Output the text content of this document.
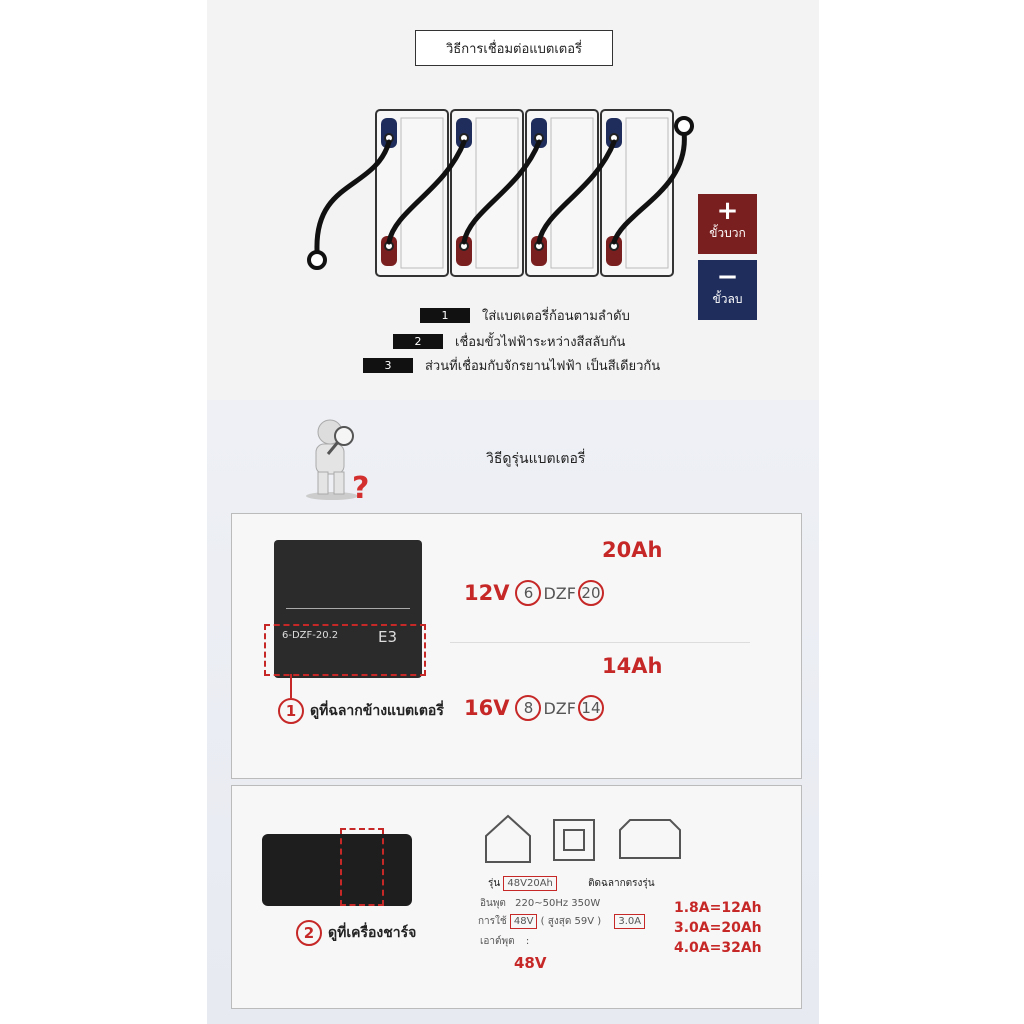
วิธีการเชื่อมต่อแบตเตอรี่
+
ขั้วบวก
−
ขั้วลบ
1	ใส่แบตเตอรี่ก้อนตามลำดับ
2	เชื่อมขั้วไฟฟ้าระหว่างสีสลับกัน
3	ส่วนที่เชื่อมกับจักรยานไฟฟ้า เป็นสีเดียวกัน
?
วิธีดูรุ่นแบตเตอรี่
6-DZF-20.2	E3
1 ดูที่ฉลากข้างแบตเตอรี่
20Ah
12V 6 DZF 20
14Ah
16V 8 DZF 14
2 ดูที่เครื่องชาร์จ
รุ่น 48V20Ah	ติดฉลากตรงรุ่น
อินพุต 220~50Hz 350W
การใช้ 48V ( สูงสุด 59V ) 3.0A
เอาต์พุต :
48V
1.8A=12Ah
3.0A=20Ah
4.0A=32Ah
